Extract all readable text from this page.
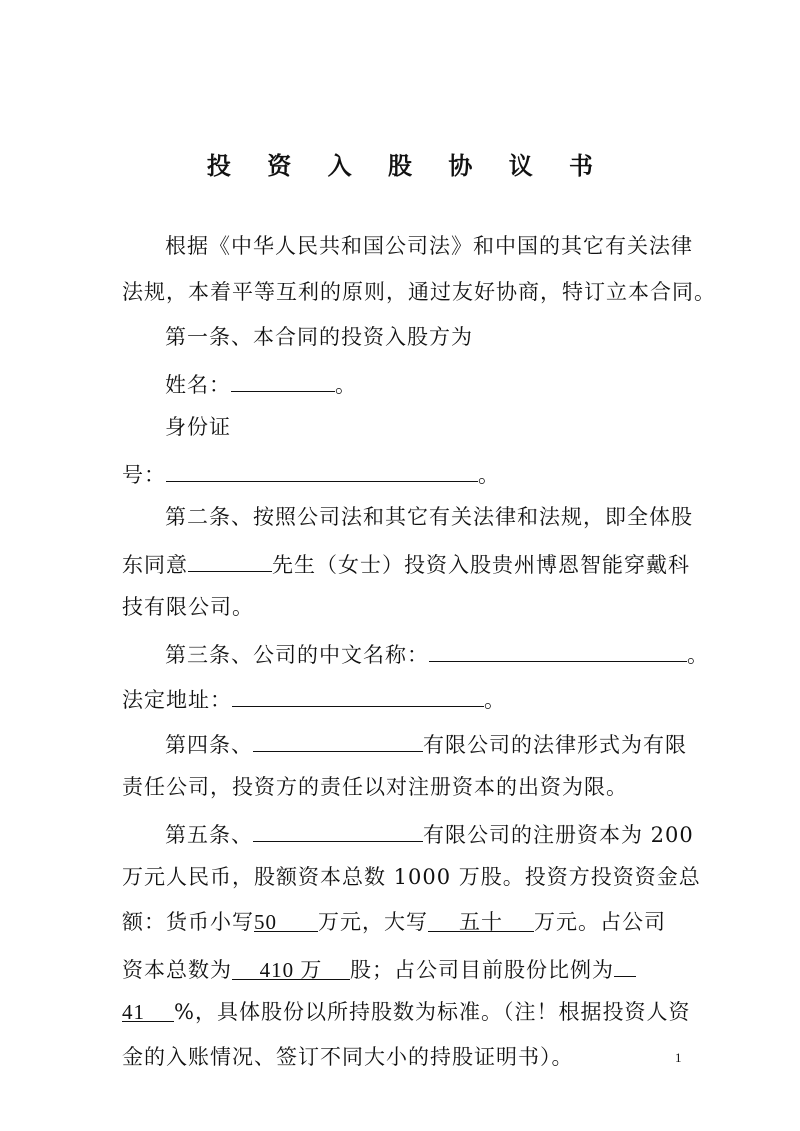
投 资 入 股 协 议 书
根据《中华人民共和国公司法》和中国的其它有关法律
法规，本着平等互利的原则，通过友好协商，特订立本合同。
第一条、本合同的投资入股方为
姓名：	。
身份证
号：	。
第二条、按照公司法和其它有关法律和法规，即全体股
东同意	先生（女士）投资入股贵州博恩智能穿戴科
技有限公司。
第三条、公司的中文名称：	。
法定地址：	。
第四条、	有限公司的法律形式为有限
责任公司，投资方的责任以对注册资本的出资为限。
第五条、	有限公司的注册资本为 200
万元人民币，股额资本总数 1000 万股。投资方投资资金总
额：货币小写50 万元，大写 五十 万元。占公司
资本总数为 410 万 股；占公司目前股份比例为
41 %，具体股份以所持股数为标准。（注！根据投资人资
金的入账情况、签订不同大小的持股证明书）。	1
